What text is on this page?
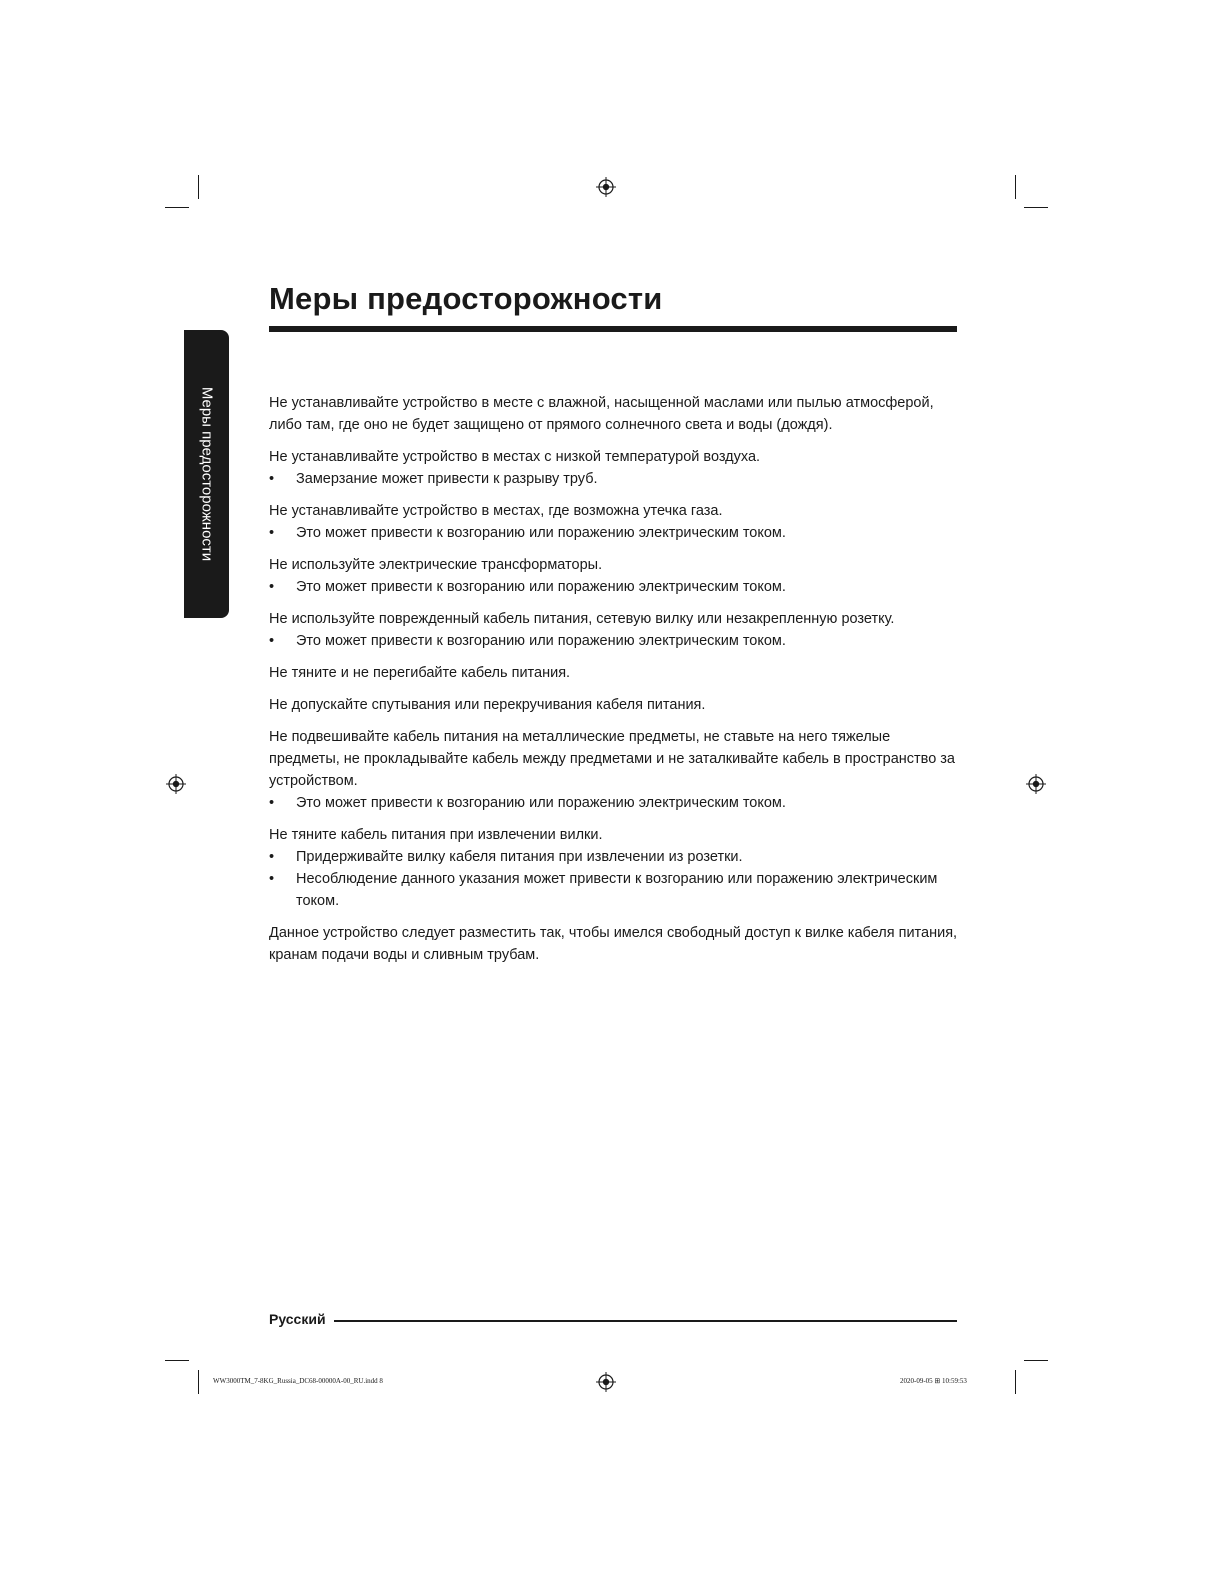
Меры предосторожности
Меры предосторожности

Не устанавливайте устройство в месте с влажной, насыщенной маслами или пылью атмосферой, либо там, где оно не будет защищено от прямого солнечного света и воды (дождя).

Не устанавливайте устройство в местах с низкой температурой воздуха.

• Замерзание может привести к разрыву труб.

Не устанавливайте устройство в местах, где возможна утечка газа.

• Это может привести к возгоранию или поражению электрическим током.

Не используйте электрические трансформаторы.

• Это может привести к возгоранию или поражению электрическим током.

Не используйте поврежденный кабель питания, сетевую вилку или незакрепленную розетку.

• Это может привести к возгоранию или поражению электрическим током.

Не тяните и не перегибайте кабель питания.

Не допускайте спутывания или перекручивания кабеля питания.

Не подвешивайте кабель питания на металлические предметы, не ставьте на него тяжелые предметы, не прокладывайте кабель между предметами и не заталкивайте кабель в пространство за устройством.

• Это может привести к возгоранию или поражению электрическим током.

Не тяните кабель питания при извлечении вилки.

• Придерживайте вилку кабеля питания при извлечении из розетки.
• Несоблюдение данного указания может привести к возгоранию или поражению электрическим током.

Данное устройство следует разместить так, чтобы имелся свободный доступ к вилке кабеля питания, кранам подачи воды и сливным трубам.

Русский
WW3000TM_7-8KG_Russia_DC68-00000A-00_RU.indd 8	2020-09-05 ⊞ 10:59:53
